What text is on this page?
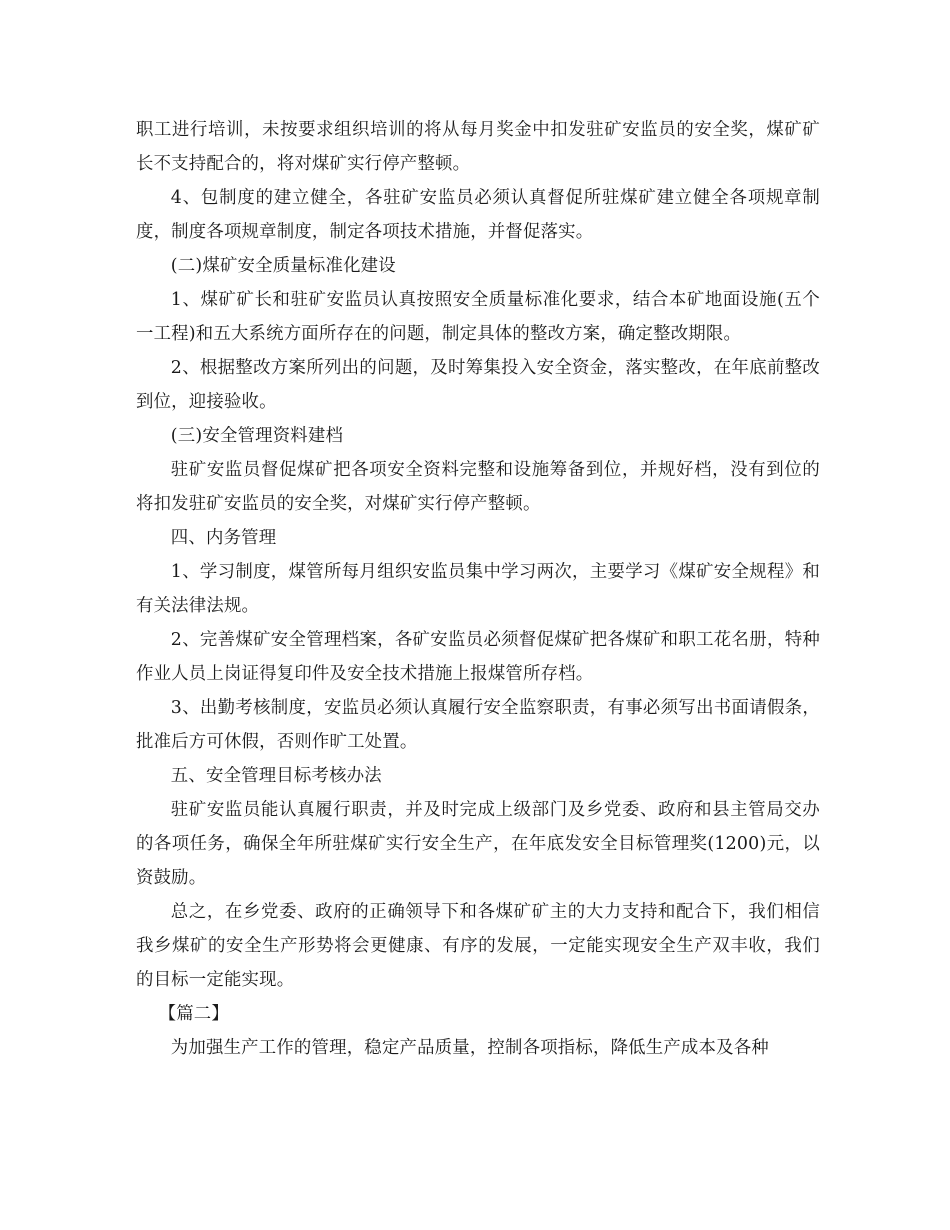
职工进行培训，未按要求组织培训的将从每月奖金中扣发驻矿安监员的安全奖，煤矿矿长不支持配合的，将对煤矿实行停产整顿。

4、包制度的建立健全，各驻矿安监员必须认真督促所驻煤矿建立健全各项规章制度，制度各项规章制度，制定各项技术措施，并督促落实。

(二)煤矿安全质量标准化建设

1、煤矿矿长和驻矿安监员认真按照安全质量标准化要求，结合本矿地面设施(五个一工程)和五大系统方面所存在的问题，制定具体的整改方案，确定整改期限。

2、根据整改方案所列出的问题，及时筹集投入安全资金，落实整改，在年底前整改到位，迎接验收。

(三)安全管理资料建档

驻矿安监员督促煤矿把各项安全资料完整和设施筹备到位，并规好档，没有到位的将扣发驻矿安监员的安全奖，对煤矿实行停产整顿。

四、内务管理

1、学习制度，煤管所每月组织安监员集中学习两次，主要学习《煤矿安全规程》和有关法律法规。

2、完善煤矿安全管理档案，各矿安监员必须督促煤矿把各煤矿和职工花名册，特种作业人员上岗证得复印件及安全技术措施上报煤管所存档。

3、出勤考核制度，安监员必须认真履行安全监察职责，有事必须写出书面请假条，批准后方可休假，否则作旷工处置。

五、安全管理目标考核办法

驻矿安监员能认真履行职责，并及时完成上级部门及乡党委、政府和县主管局交办的各项任务，确保全年所驻煤矿实行安全生产，在年底发安全目标管理奖(1200)元，以资鼓励。

总之，在乡党委、政府的正确领导下和各煤矿矿主的大力支持和配合下，我们相信我乡煤矿的安全生产形势将会更健康、有序的发展，一定能实现安全生产双丰收，我们的目标一定能实现。

【篇二】

为加强生产工作的管理，稳定产品质量，控制各项指标，降低生产成本及各种
